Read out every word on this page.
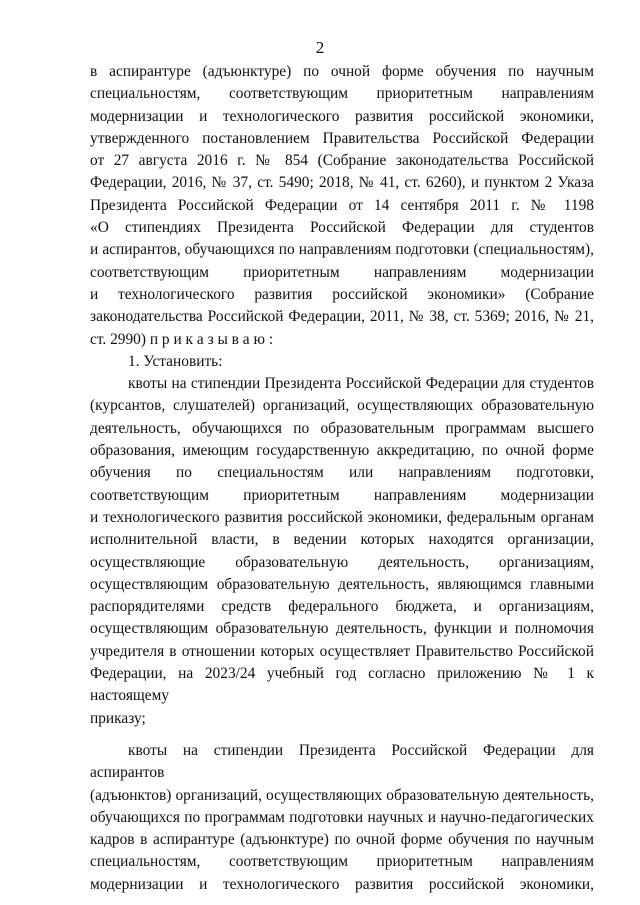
2
в аспирантуре (адъюнктуре) по очной форме обучения по научным
специальностям, соответствующим приоритетным направлениям
модернизации и технологического развития российской экономики,
утвержденного постановлением Правительства Российской Федерации
от 27 августа 2016 г. № 854 (Собрание законодательства Российской
Федерации, 2016, № 37, ст. 5490; 2018, № 41, ст. 6260), и пунктом 2 Указа
Президента Российской Федерации от 14 сентября 2011 г. № 1198
«О стипендиях Президента Российской Федерации для студентов
и аспирантов, обучающихся по направлениям подготовки (специальностям),
соответствующим приоритетным направлениям модернизации
и технологического развития российской экономики» (Собрание
законодательства Российской Федерации, 2011, № 38, ст. 5369; 2016, № 21,
ст. 2990) п р и к а з ы в а ю :
1. Установить:
квоты на стипендии Президента Российской Федерации для студентов
(курсантов, слушателей) организаций, осуществляющих образовательную
деятельность, обучающихся по образовательным программам высшего
образования, имеющим государственную аккредитацию, по очной форме
обучения по специальностям или направлениям подготовки,
соответствующим приоритетным направлениям модернизации
и технологического развития российской экономики, федеральным органам
исполнительной власти, в ведении которых находятся организации,
осуществляющие образовательную деятельность, организациям,
осуществляющим образовательную деятельность, являющимся главными
распорядителями средств федерального бюджета, и организациям,
осуществляющим образовательную деятельность, функции и полномочия
учредителя в отношении которых осуществляет Правительство Российской
Федерации, на 2023/24 учебный год согласно приложению № 1 к настоящему
приказу;
квоты на стипендии Президента Российской Федерации для аспирантов
(адъюнктов) организаций, осуществляющих образовательную деятельность,
обучающихся по программам подготовки научных и научно-педагогических
кадров в аспирантуре (адъюнктуре) по очной форме обучения по научным
специальностям, соответствующим приоритетным направлениям
модернизации и технологического развития российской экономики,
